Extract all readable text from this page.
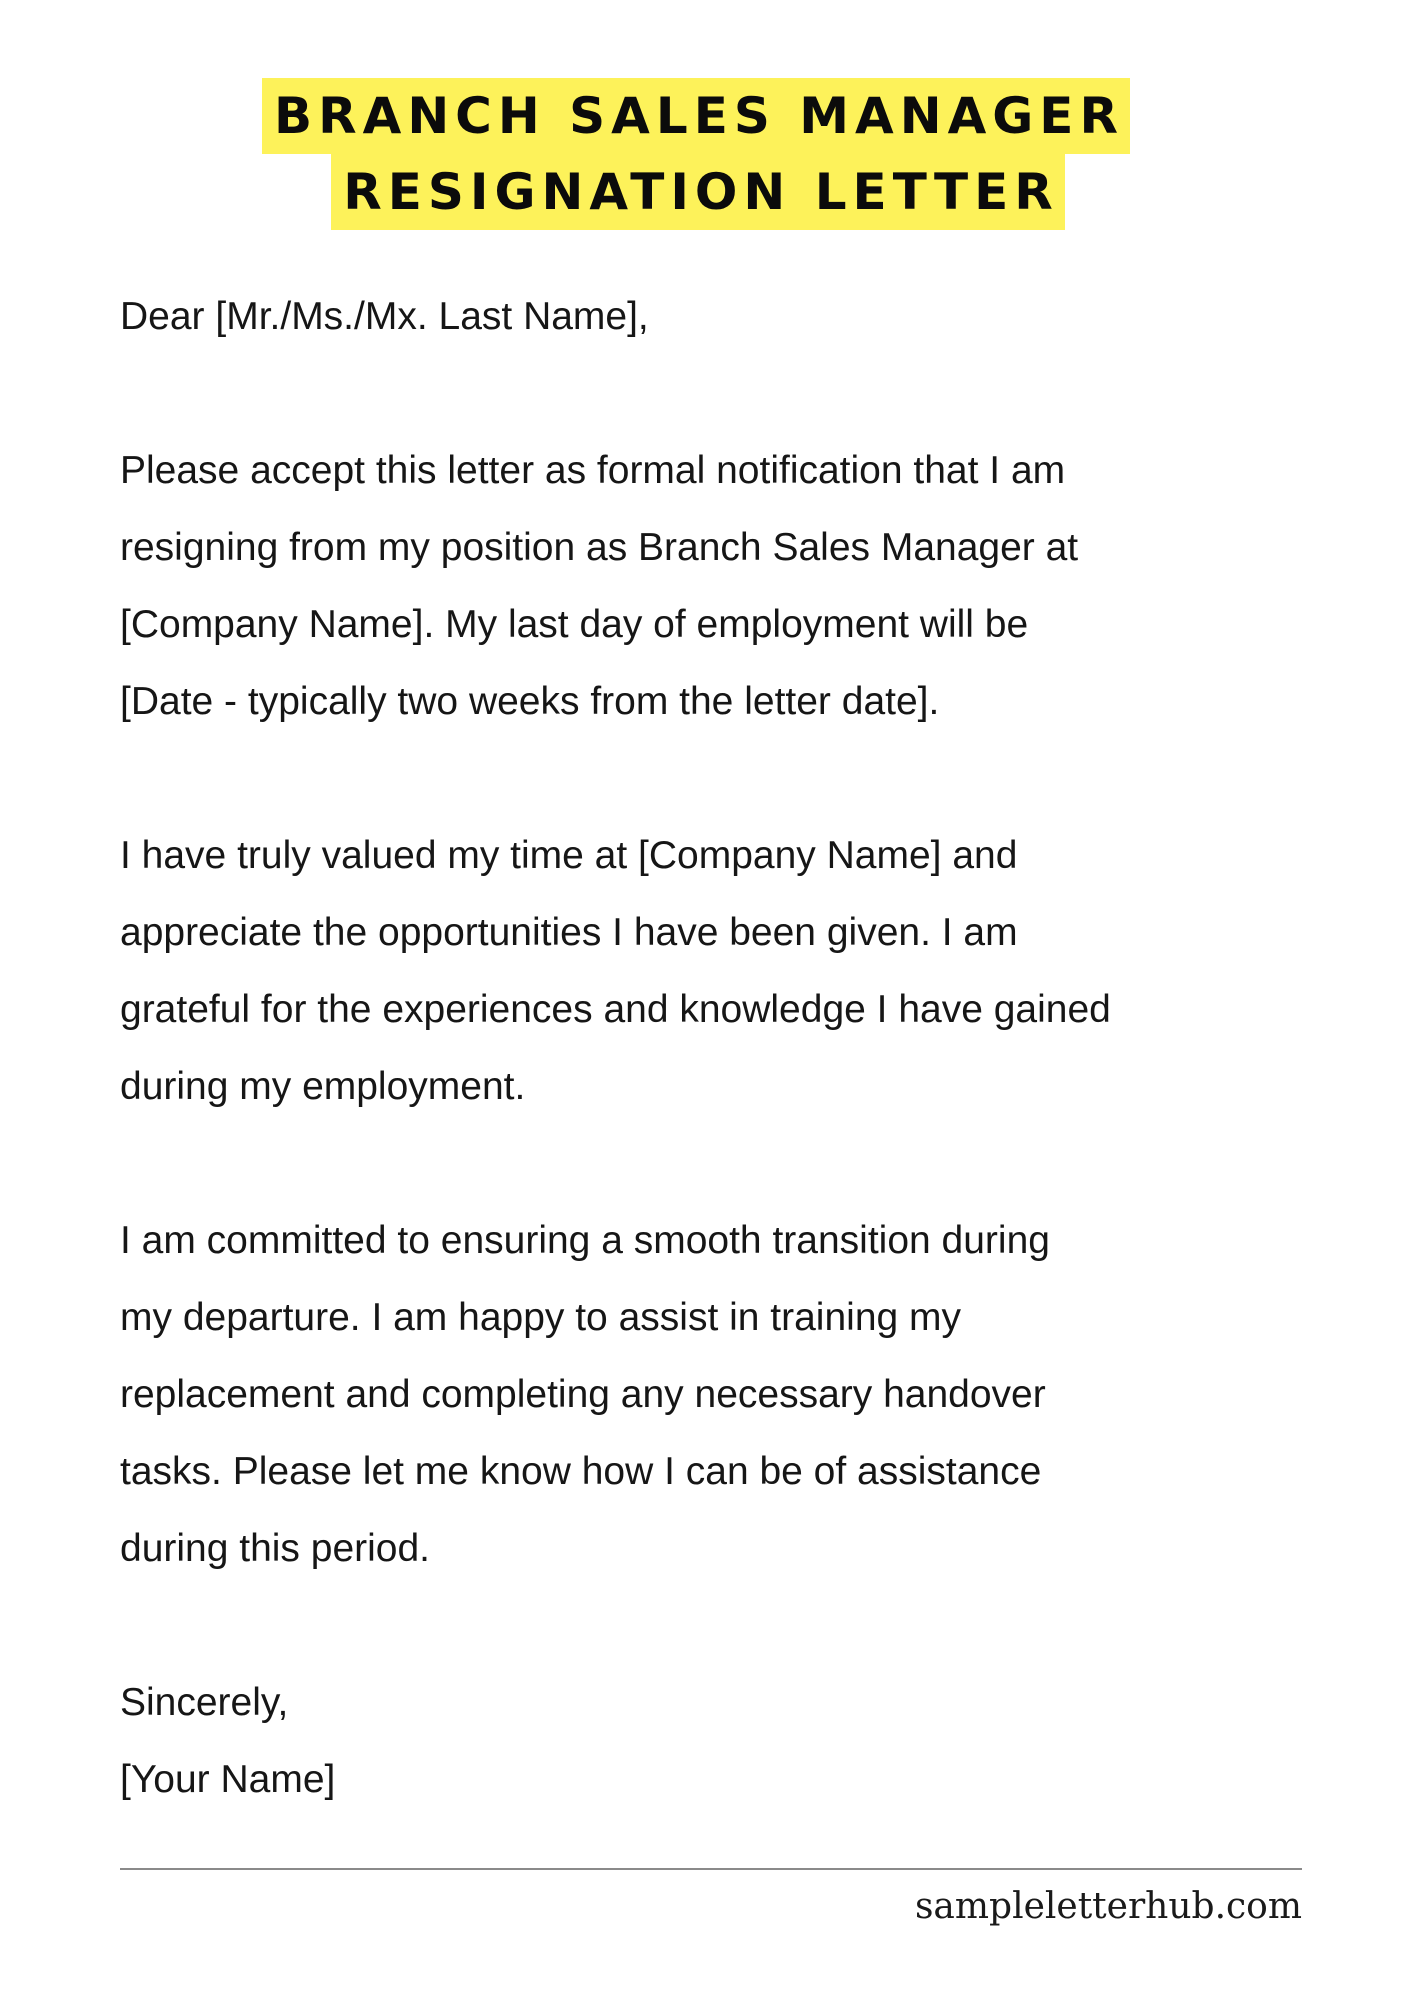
BRANCH SALES MANAGER
RESIGNATION LETTER
Dear [Mr./Ms./Mx. Last Name],
Please accept this letter as formal notification that I am
resigning from my position as Branch Sales Manager at
[Company Name]. My last day of employment will be
[Date - typically two weeks from the letter date].
I have truly valued my time at [Company Name] and
appreciate the opportunities I have been given. I am
grateful for the experiences and knowledge I have gained
during my employment.
I am committed to ensuring a smooth transition during
my departure. I am happy to assist in training my
replacement and completing any necessary handover
tasks. Please let me know how I can be of assistance
during this period.
Sincerely,
[Your Name]
sampleletterhub.com
